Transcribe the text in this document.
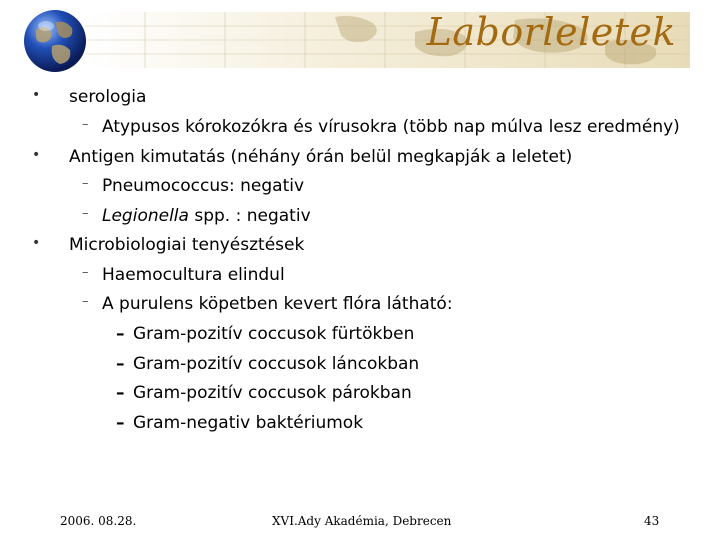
Laborleletek
• serologia
– Atypusos kórokozókra és vírusokra (több nap múlva lesz eredmény)
• Antigen kimutatás (néhány órán belül megkapják a leletet)
– Pneumococcus: negativ
– Legionella spp. : negativ
• Microbiologiai tenyésztések
– Haemocultura elindul
– A purulens köpetben kevert flóra látható:
– Gram-pozitív coccusok fürtökben
– Gram-pozitív coccusok láncokban
– Gram-pozitív coccusok párokban
– Gram-negativ baktériumok
2006. 08.28.	XVI.Ady Akadémia, Debrecen	43
